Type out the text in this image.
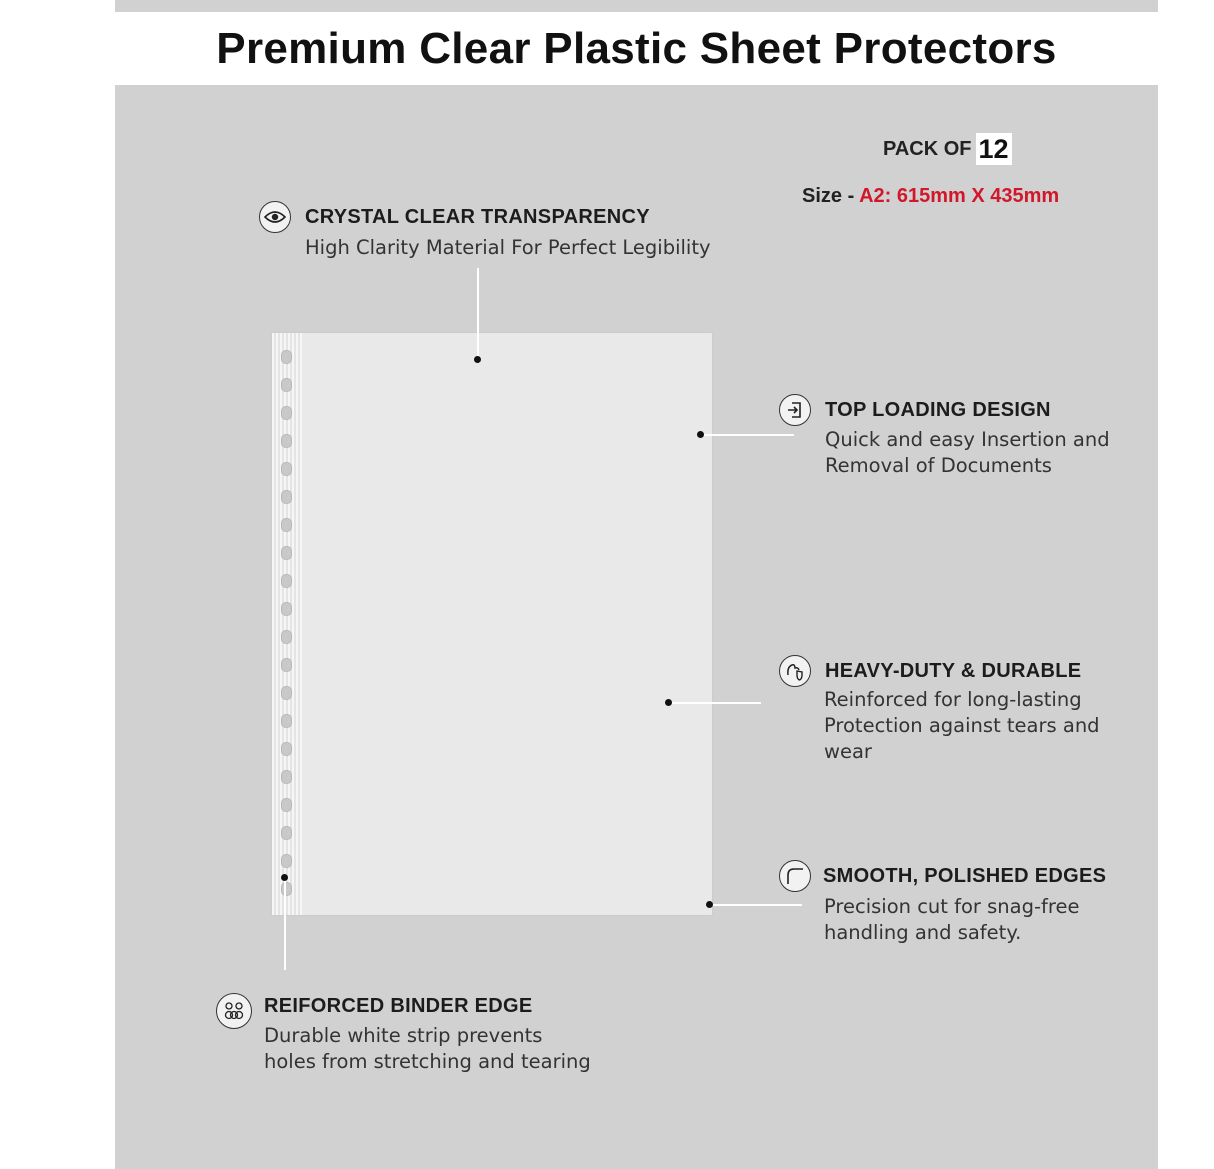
Premium Clear Plastic Sheet Protectors
PACK OF 12
Size - A2: 615mm X 435mm
CRYSTAL CLEAR TRANSPARENCY
High Clarity Material For Perfect Legibility
TOP LOADING DESIGN
Quick and easy Insertion and
Removal of Documents
HEAVY-DUTY & DURABLE
Reinforced for long-lasting
Protection against tears and
wear
SMOOTH, POLISHED EDGES
Precision cut for snag-free
handling and safety.
REIFORCED BINDER EDGE
Durable white strip prevents
holes from stretching and tearing
